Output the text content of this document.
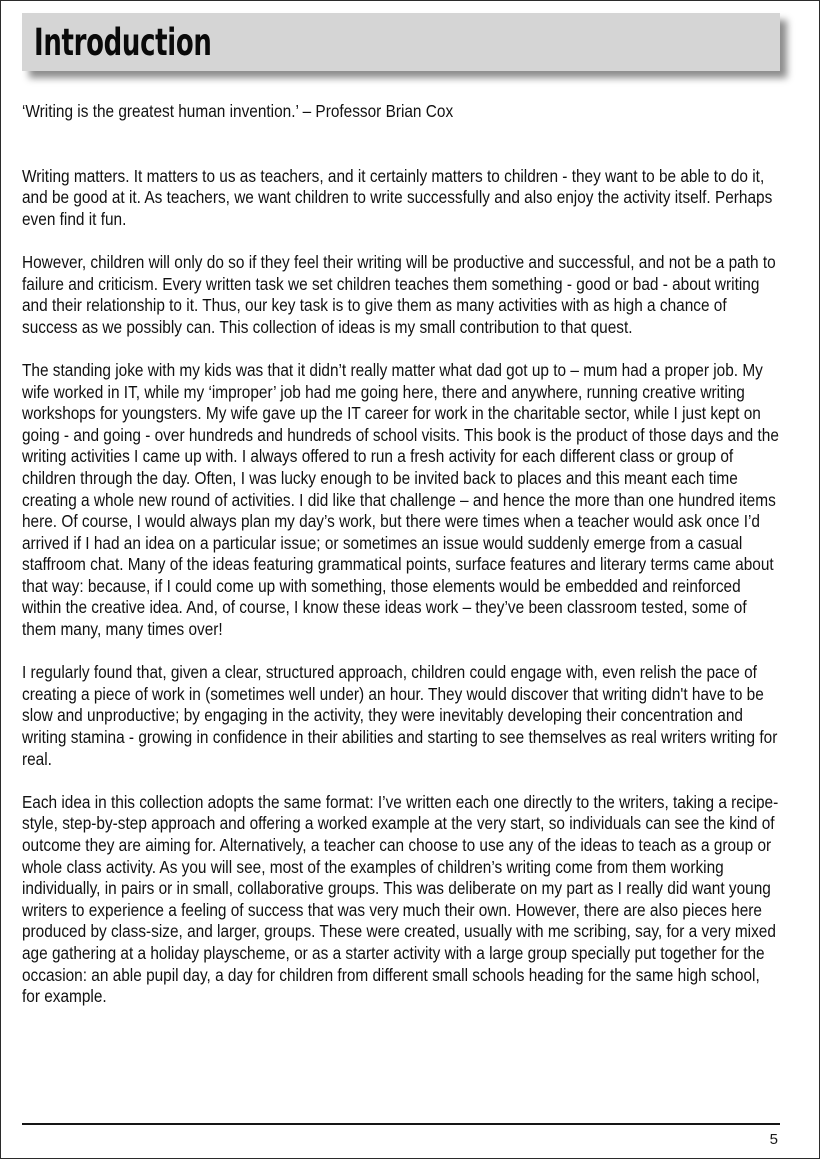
Introduction

‘Writing is the greatest human invention.’ – Professor Brian Cox

Writing matters. It matters to us as teachers, and it certainly matters to children - they want to be able to do it, and be good at it. As teachers, we want children to write successfully and also enjoy the activity itself. Perhaps even find it fun.

However, children will only do so if they feel their writing will be productive and successful, and not be a path to failure and criticism. Every written task we set children teaches them something - good or bad - about writing and their relationship to it. Thus, our key task is to give them as many activities with as high a chance of success as we possibly can. This collection of ideas is my small contribution to that quest.

The standing joke with my kids was that it didn’t really matter what dad got up to – mum had a proper job. My wife worked in IT, while my ‘improper’ job had me going here, there and anywhere, running creative writing workshops for youngsters. My wife gave up the IT career for work in the charitable sector, while I just kept on going - and going - over hundreds and hundreds of school visits. This book is the product of those days and the writing activities I came up with. I always offered to run a fresh activity for each different class or group of children through the day. Often, I was lucky enough to be invited back to places and this meant each time creating a whole new round of activities. I did like that challenge – and hence the more than one hundred items here. Of course, I would always plan my day’s work, but there were times when a teacher would ask once I’d arrived if I had an idea on a particular issue; or sometimes an issue would suddenly emerge from a casual staffroom chat. Many of the ideas featuring grammatical points, surface features and literary terms came about that way: because, if I could come up with something, those elements would be embedded and reinforced within the creative idea. And, of course, I know these ideas work – they’ve been classroom tested, some of them many, many times over!

I regularly found that, given a clear, structured approach, children could engage with, even relish the pace of creating a piece of work in (sometimes well under) an hour. They would discover that writing didn't have to be slow and unproductive; by engaging in the activity, they were inevitably developing their concentration and writing stamina - growing in confidence in their abilities and starting to see themselves as real writers writing for real.

Each idea in this collection adopts the same format: I’ve written each one directly to the writers, taking a recipe-style, step-by-step approach and offering a worked example at the very start, so individuals can see the kind of outcome they are aiming for. Alternatively, a teacher can choose to use any of the ideas to teach as a group or whole class activity. As you will see, most of the examples of children’s writing come from them working individually, in pairs or in small, collaborative groups. This was deliberate on my part as I really did want young writers to experience a feeling of success that was very much their own. However, there are also pieces here produced by class-size, and larger, groups. These were created, usually with me scribing, say, for a very mixed age gathering at a holiday playscheme, or as a starter activity with a large group specially put together for the occasion: an able pupil day, a day for children from different small schools heading for the same high school, for example.

5
